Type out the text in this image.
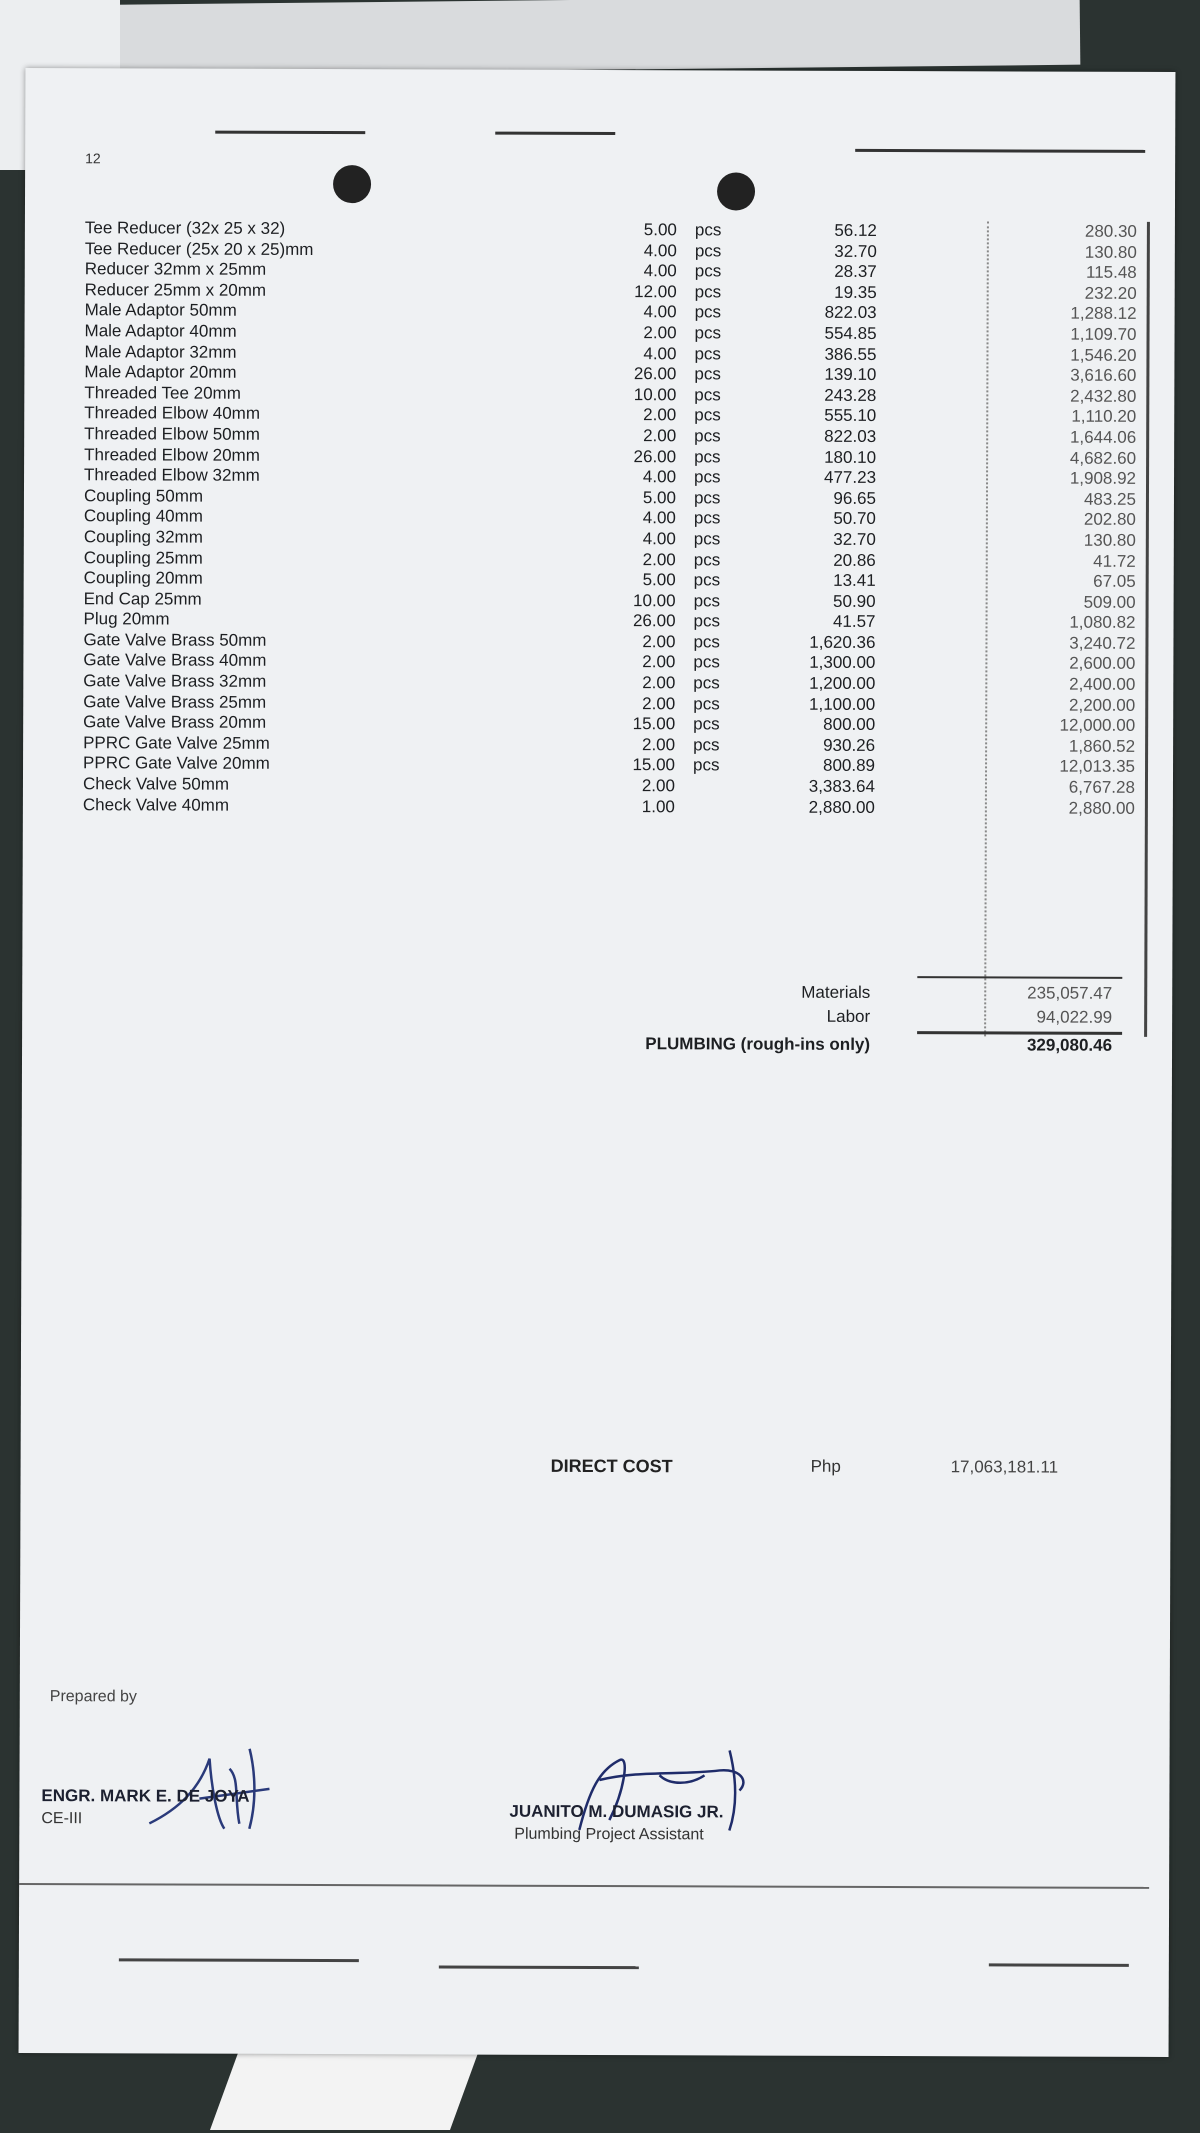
12
Tee Reducer (32x 25 x 32)	5.00 pcs	56.12	280.30
Tee Reducer (25x 20 x 25)mm	4.00 pcs	32.70	130.80
Reducer 32mm x 25mm	4.00 pcs	28.37	115.48
Reducer 25mm x 20mm	12.00 pcs	19.35	232.20
Male Adaptor 50mm	4.00 pcs	822.03	1,288.12
Male Adaptor 40mm	2.00 pcs	554.85	1,109.70
Male Adaptor 32mm	4.00 pcs	386.55	1,546.20
Male Adaptor 20mm	26.00 pcs	139.10	3,616.60
Threaded Tee 20mm	10.00 pcs	243.28	2,432.80
Threaded Elbow 40mm	2.00 pcs	555.10	1,110.20
Threaded Elbow 50mm	2.00 pcs	822.03	1,644.06
Threaded Elbow 20mm	26.00 pcs	180.10	4,682.60
Threaded Elbow 32mm	4.00 pcs	477.23	1,908.92
Coupling 50mm	5.00 pcs	96.65	483.25
Coupling 40mm	4.00 pcs	50.70	202.80
Coupling 32mm	4.00 pcs	32.70	130.80
Coupling 25mm	2.00 pcs	20.86	41.72
Coupling 20mm	5.00 pcs	13.41	67.05
End Cap 25mm	10.00 pcs	50.90	509.00
Plug 20mm	26.00 pcs	41.57	1,080.82
Gate Valve Brass 50mm	2.00 pcs	1,620.36	3,240.72
Gate Valve Brass 40mm	2.00 pcs	1,300.00	2,600.00
Gate Valve Brass 32mm	2.00 pcs	1,200.00	2,400.00
Gate Valve Brass 25mm	2.00 pcs	1,100.00	2,200.00
Gate Valve Brass 20mm	15.00 pcs	800.00	12,000.00
PPRC Gate Valve 25mm	2.00 pcs	930.26	1,860.52
PPRC Gate Valve 20mm	15.00 pcs	800.89	12,013.35
Check Valve 50mm	2.00	3,383.64	6,767.28
Check Valve 40mm	1.00	2,880.00	2,880.00
Materials	235,057.47
Labor	94,022.99
PLUMBING (rough-ins only)	329,080.46
DIRECT COST	Php	17,063,181.11
Prepared by
ENGR. MARK E. DE JOYA
CE-III	JUANITO M. DUMASIG JR.
Plumbing Project Assistant
